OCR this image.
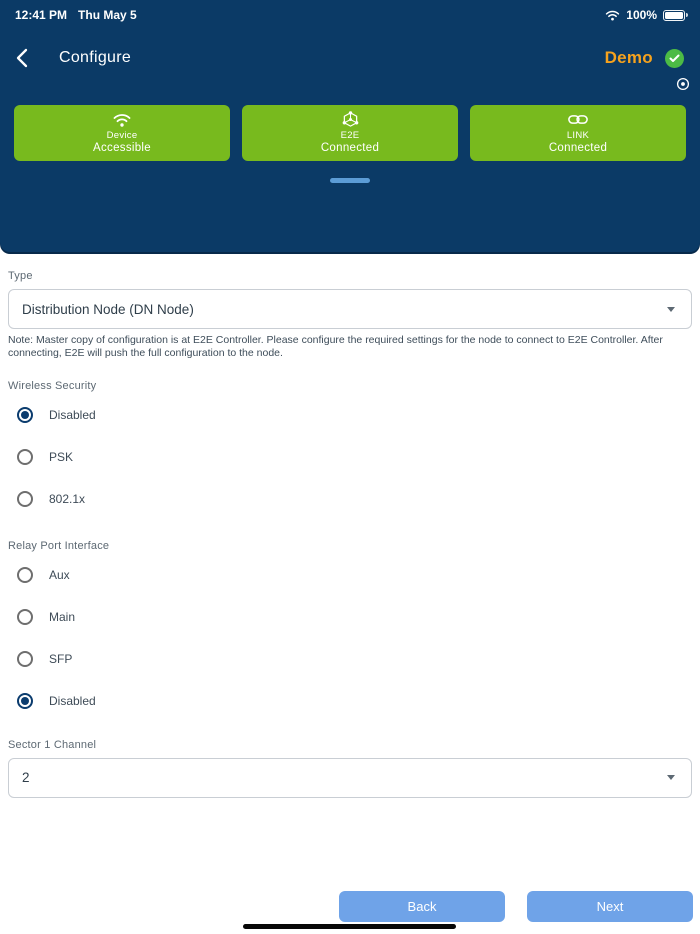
12:41 PM Thu May 5	100%
Configure	Demo
Device
Accessible
E2E
Connected
LINK
Connected
Type
Distribution Node (DN Node)
Note: Master copy of configuration is at E2E Controller. Please configure the required settings for the node to connect to E2E Controller. After connecting, E2E will push the full configuration to the node.
Wireless Security
Disabled
PSK
802.1x
Relay Port Interface
Aux
Main
SFP
Disabled
Sector 1 Channel
2
Back	Next
